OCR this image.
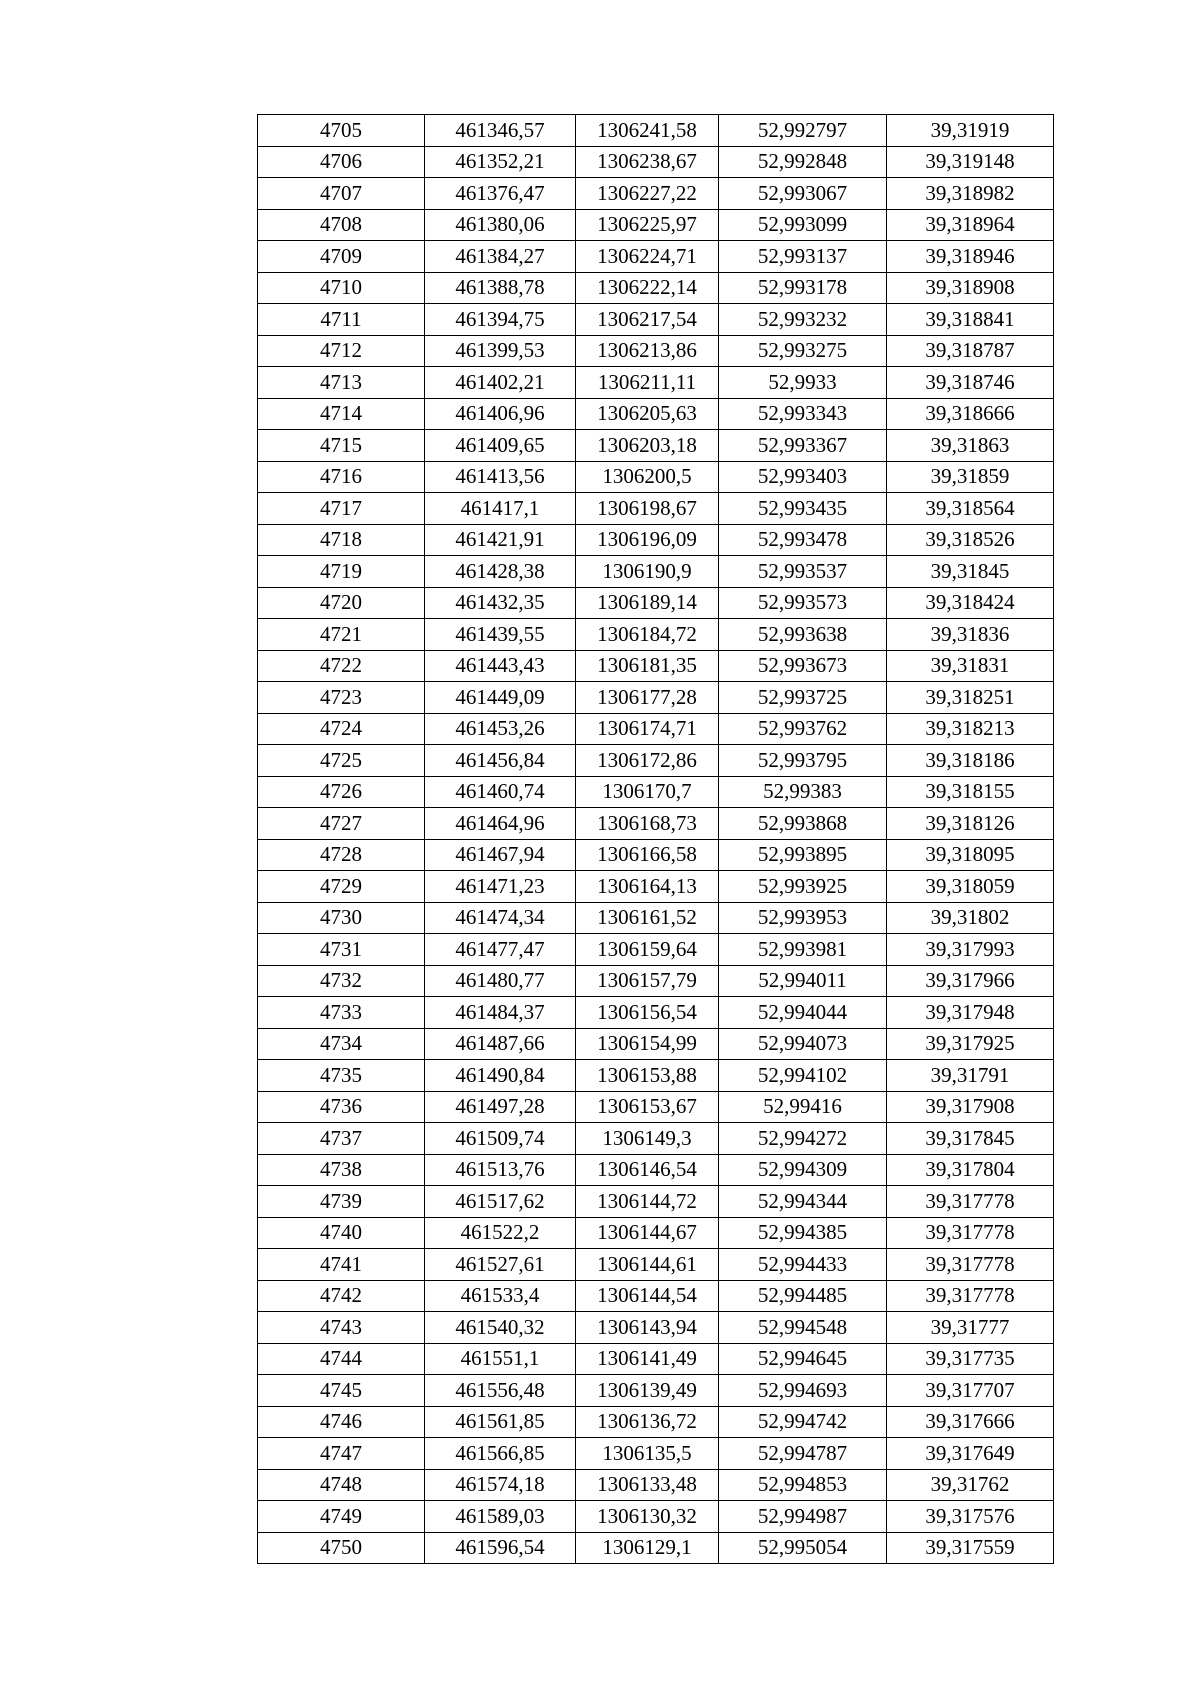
4705	461346,57	1306241,58	52,992797	39,31919
4706	461352,21	1306238,67	52,992848	39,319148
4707	461376,47	1306227,22	52,993067	39,318982
4708	461380,06	1306225,97	52,993099	39,318964
4709	461384,27	1306224,71	52,993137	39,318946
4710	461388,78	1306222,14	52,993178	39,318908
4711	461394,75	1306217,54	52,993232	39,318841
4712	461399,53	1306213,86	52,993275	39,318787
4713	461402,21	1306211,11	52,9933	39,318746
4714	461406,96	1306205,63	52,993343	39,318666
4715	461409,65	1306203,18	52,993367	39,31863
4716	461413,56	1306200,5	52,993403	39,31859
4717	461417,1	1306198,67	52,993435	39,318564
4718	461421,91	1306196,09	52,993478	39,318526
4719	461428,38	1306190,9	52,993537	39,31845
4720	461432,35	1306189,14	52,993573	39,318424
4721	461439,55	1306184,72	52,993638	39,31836
4722	461443,43	1306181,35	52,993673	39,31831
4723	461449,09	1306177,28	52,993725	39,318251
4724	461453,26	1306174,71	52,993762	39,318213
4725	461456,84	1306172,86	52,993795	39,318186
4726	461460,74	1306170,7	52,99383	39,318155
4727	461464,96	1306168,73	52,993868	39,318126
4728	461467,94	1306166,58	52,993895	39,318095
4729	461471,23	1306164,13	52,993925	39,318059
4730	461474,34	1306161,52	52,993953	39,31802
4731	461477,47	1306159,64	52,993981	39,317993
4732	461480,77	1306157,79	52,994011	39,317966
4733	461484,37	1306156,54	52,994044	39,317948
4734	461487,66	1306154,99	52,994073	39,317925
4735	461490,84	1306153,88	52,994102	39,31791
4736	461497,28	1306153,67	52,99416	39,317908
4737	461509,74	1306149,3	52,994272	39,317845
4738	461513,76	1306146,54	52,994309	39,317804
4739	461517,62	1306144,72	52,994344	39,317778
4740	461522,2	1306144,67	52,994385	39,317778
4741	461527,61	1306144,61	52,994433	39,317778
4742	461533,4	1306144,54	52,994485	39,317778
4743	461540,32	1306143,94	52,994548	39,31777
4744	461551,1	1306141,49	52,994645	39,317735
4745	461556,48	1306139,49	52,994693	39,317707
4746	461561,85	1306136,72	52,994742	39,317666
4747	461566,85	1306135,5	52,994787	39,317649
4748	461574,18	1306133,48	52,994853	39,31762
4749	461589,03	1306130,32	52,994987	39,317576
4750	461596,54	1306129,1	52,995054	39,317559
